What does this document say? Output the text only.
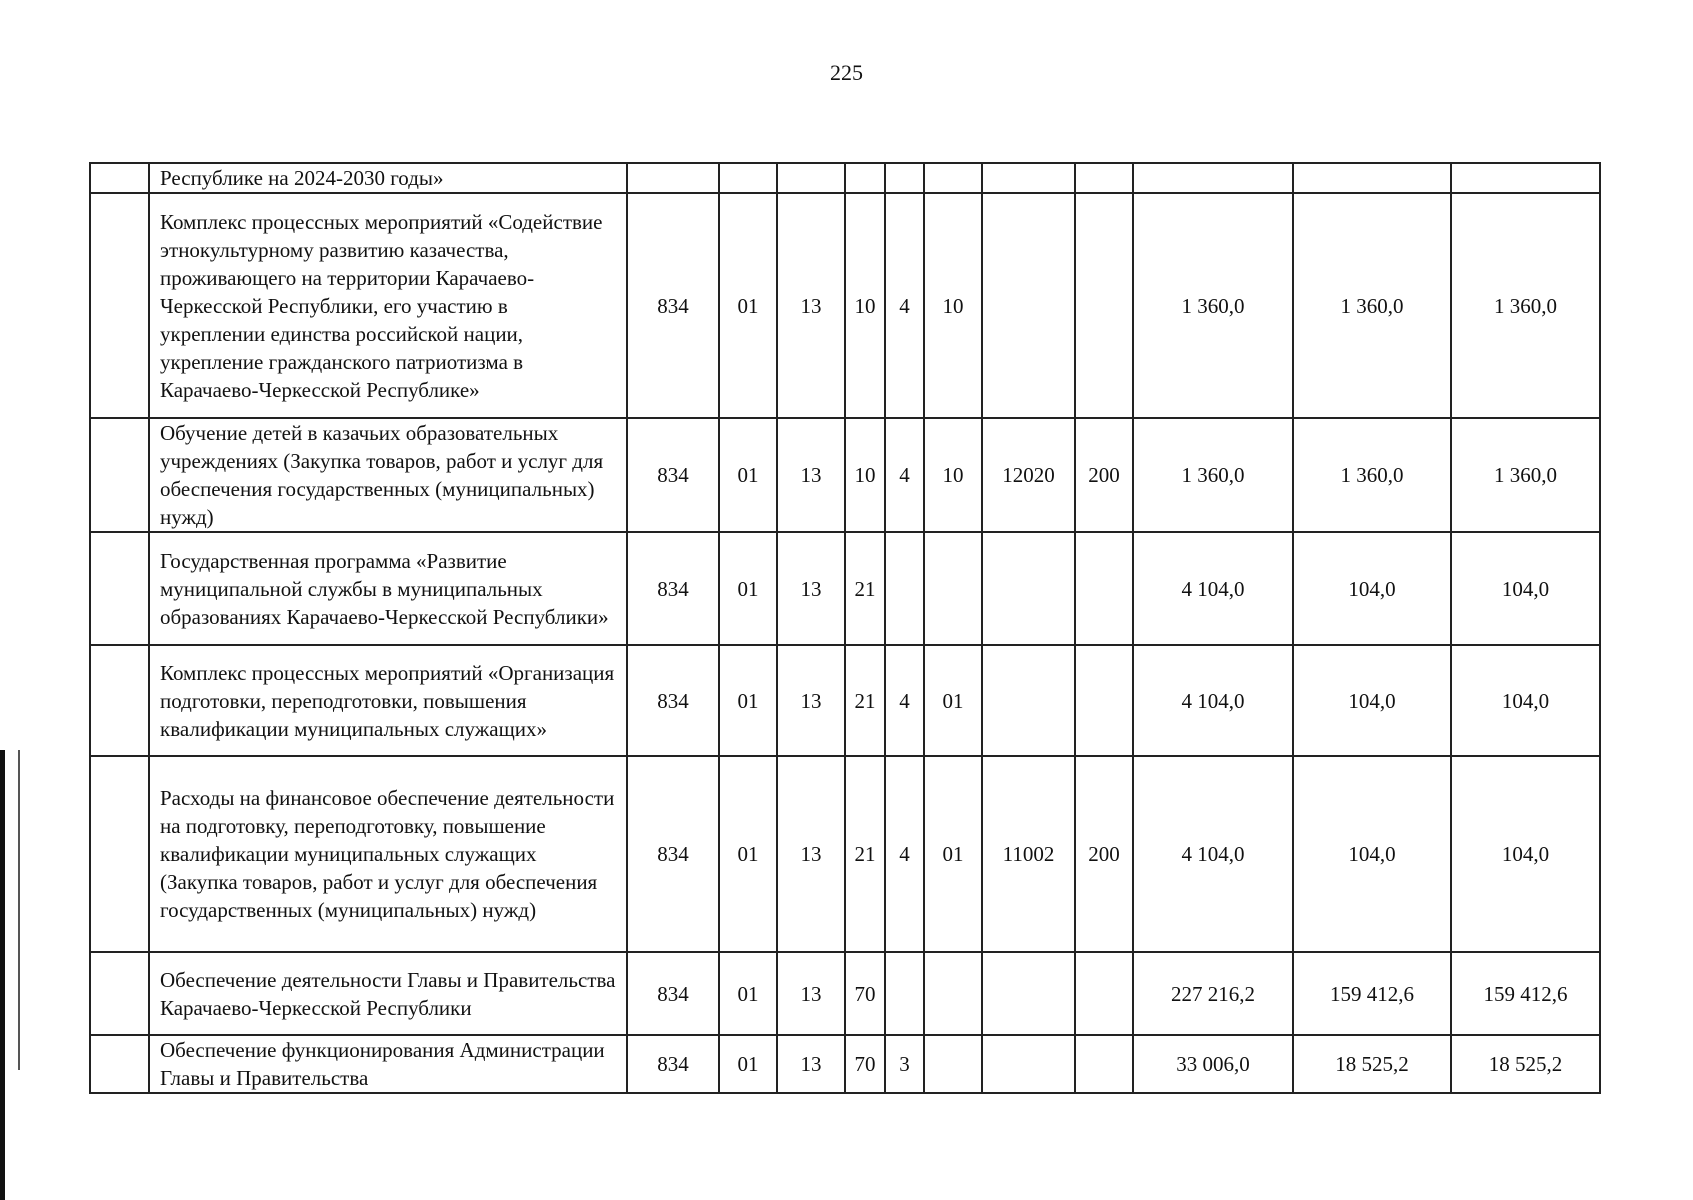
225
	Республике на 2024-2030 годы»											
	Комплекс процессных мероприятий «Содействие этнокультурному развитию казачества, проживающего на территории Карачаево-Черкесской Республики, его участию в укреплении единства российской нации, укрепление гражданского патриотизма в Карачаево-Черкесской Республике»	834	01	13	10	4	10			1 360,0	1 360,0	1 360,0
	Обучение детей в казачьих образовательных учреждениях (Закупка товаров, работ и услуг для обеспечения государственных (муниципальных) нужд)	834	01	13	10	4	10	12020	200	1 360,0	1 360,0	1 360,0
	Государственная программа «Развитие муниципальной службы в муниципальных образованиях Карачаево-Черкесской Республики»	834	01	13	21					4 104,0	104,0	104,0
	Комплекс процессных мероприятий «Организация подготовки, переподготовки, повышения квалификации муниципальных служащих»	834	01	13	21	4	01			4 104,0	104,0	104,0
	Расходы на финансовое обеспечение деятельности на подготовку, переподготовку, повышение квалификации муниципальных служащих (Закупка товаров, работ и услуг для обеспечения государственных (муниципальных) нужд)	834	01	13	21	4	01	11002	200	4 104,0	104,0	104,0
	Обеспечение деятельности Главы и Правительства Карачаево-Черкесской Республики	834	01	13	70					227 216,2	159 412,6	159 412,6
	Обеспечение функционирования Администрации Главы и Правительства	834	01	13	70	3				33 006,0	18 525,2	18 525,2
